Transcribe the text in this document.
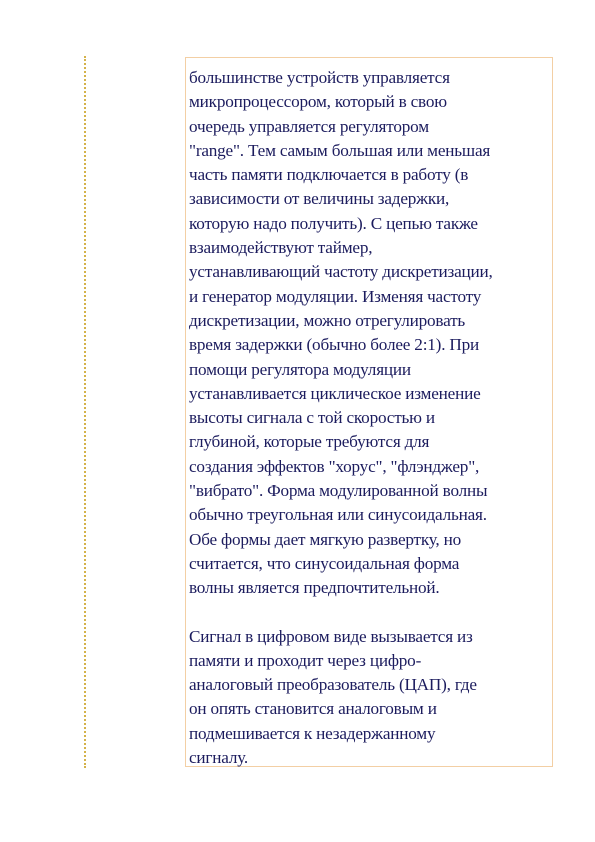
большинстве устройств управляется
микропроцессором, который в свою
очередь управляется регулятором
"range". Тем самым большая или меньшая
часть памяти подключается в работу (в
зависимости от величины задержки,
которую надо получить). С цепью также
взаимодействуют таймер,
устанавливающий частоту дискретизации,
и генератор модуляции. Изменяя частоту
дискретизации, можно отрегулировать
время задержки (обычно более 2:1). При
помощи регулятора модуляции
устанавливается циклическое изменение
высоты сигнала с той скоростью и
глубиной, которые требуются для
создания эффектов "хорус", "флэнджер",
"вибрато". Форма модулированной волны
обычно треугольная или синусоидальная.
Обе формы дает мягкую развертку, но
считается, что синусоидальная форма
волны является предпочтительной.

Сигнал в цифровом виде вызывается из
памяти и проходит через цифро-
аналоговый преобразователь (ЦАП), где
он опять становится аналоговым и
подмешивается к незадержанному
сигналу.
